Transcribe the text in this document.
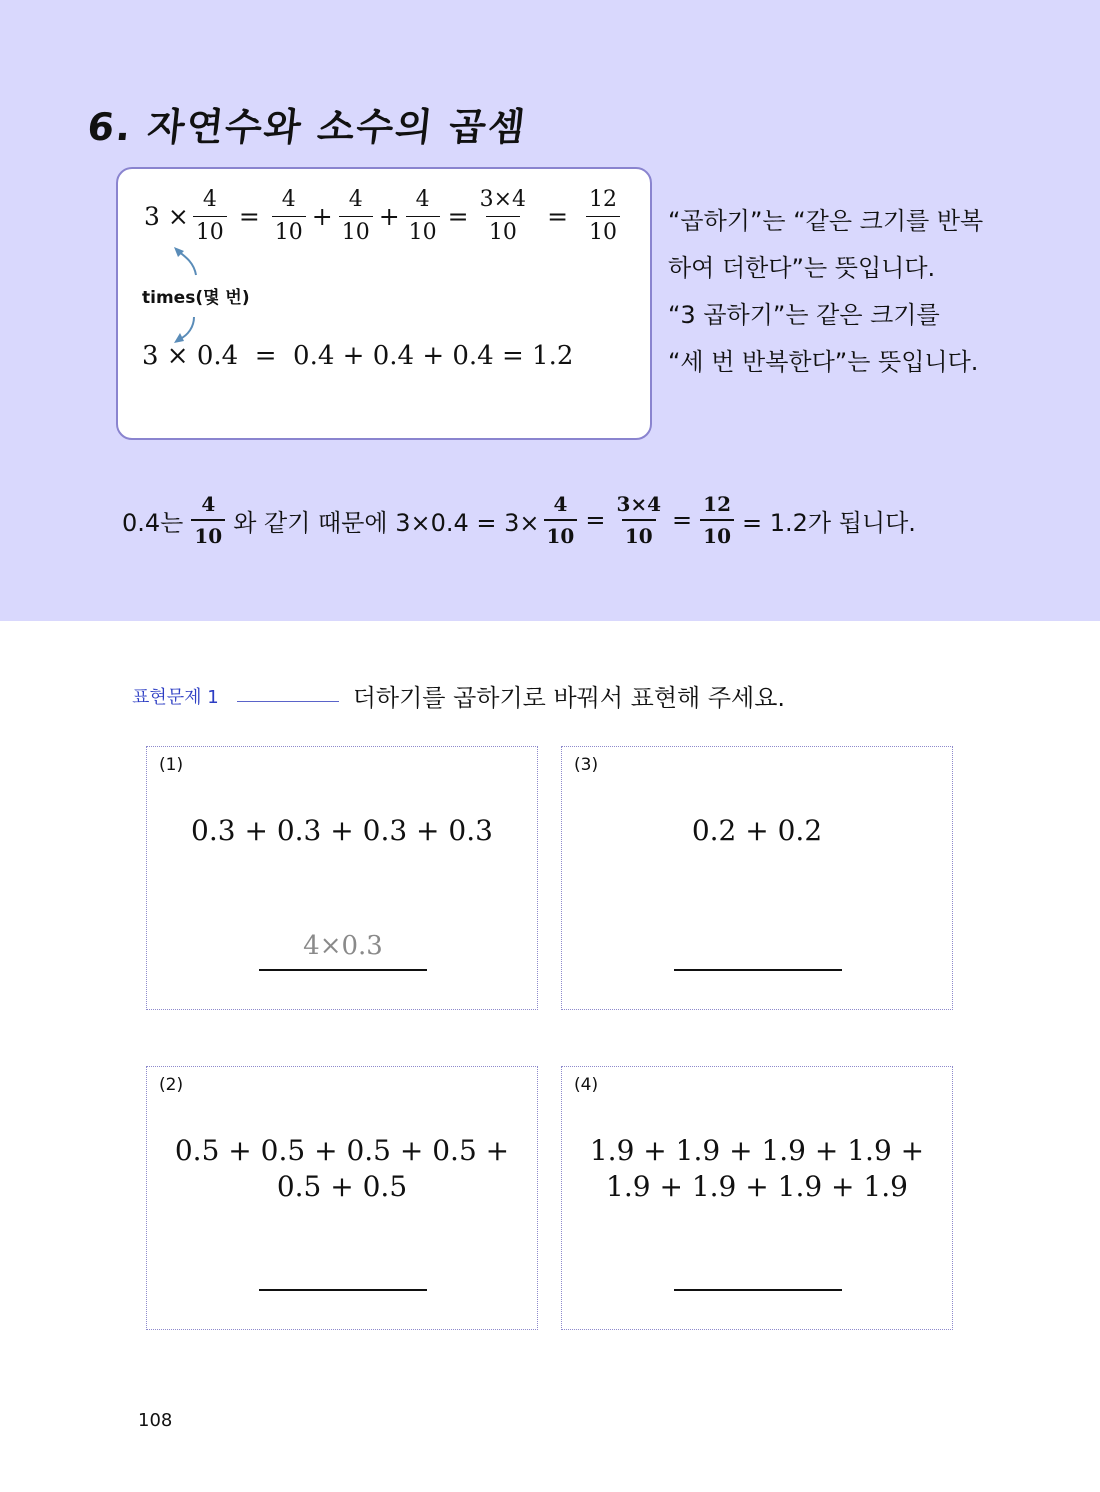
6. 자연수와 소수의 곱셈
$3 \times \frac{4}{10} = \frac{4}{10} + \frac{4}{10} + \frac{4}{10} = \frac{3\times 4}{10} = \frac{12}{10}$
times(몇 번)
3 × 0.4  =  0.4 + 0.4 + 0.4 = 1.2
“곱하기”는 “같은 크기를 반복
하여 더한다”는 뜻입니다.
“3 곱하기”는 같은 크기를
“세 번 반복한다”는 뜻입니다.
0.4는 $\frac{4}{10}$ 와 같기 때문에 $3\times 0.4 = 3\times \frac{4}{10} = \frac{3\times 4}{10} = \frac{12}{10} = 1.2$가 됩니다.
표현문제 1	더하기를 곱하기로 바꿔서 표현해 주세요.
(1)
0.3 + 0.3 + 0.3 + 0.3
4×0.3
(3)
0.2 + 0.2
(2)
0.5 + 0.5 + 0.5 + 0.5 +
0.5 + 0.5
(4)
1.9 + 1.9 + 1.9 + 1.9 +
1.9 + 1.9 + 1.9 + 1.9
108
